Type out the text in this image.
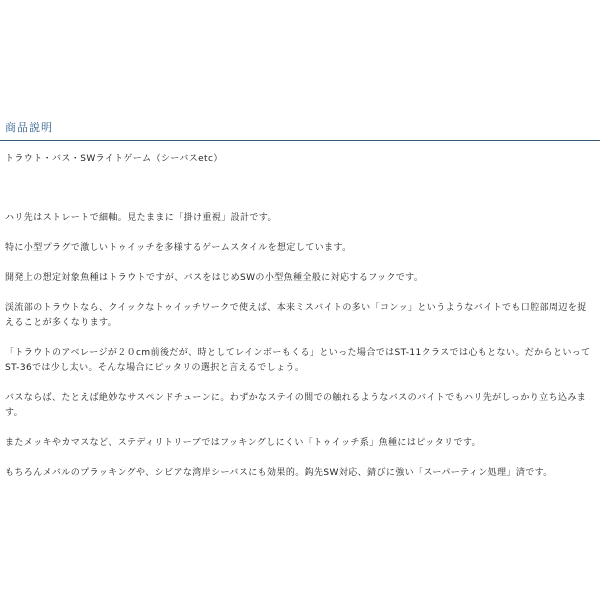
商品説明

トラウト・バス・SWライトゲーム（シーバスetc）

ハリ先はストレートで細軸。見たままに「掛け重視」設計です。

特に小型プラグで激しいトゥイッチを多様するゲームスタイルを想定しています。

開発上の想定対象魚種はトラウトですが、バスをはじめSWの小型魚種全般に対応するフックです。

渓流部のトラウトなら、クイックなトゥイッチワークで使えば、本来ミスバイトの多い「コンッ」というようなバイトでも口腔部周辺を捉えることが多くなります。

「トラウトのアベレージが２０cm前後だが、時としてレインボーもくる」といった場合ではST-11クラスでは心もとない。だからといってST-36では少し太い。そんな場合にピッタリの選択と言えるでしょう。

バスならば、たとえば絶妙なサスペンドチューンに。わずかなステイの間での触れるようなバスのバイトでもハリ先がしっかり立ち込みます。

またメッキやカマスなど、ステディリトリーブではフッキングしにくい「トゥイッチ系」魚種にはピッタリです。

もちろんメバルのプラッキングや、シビアな湾岸シーバスにも効果的。鈎先SW対応、錆びに強い「スーパーティン処理」済です。
